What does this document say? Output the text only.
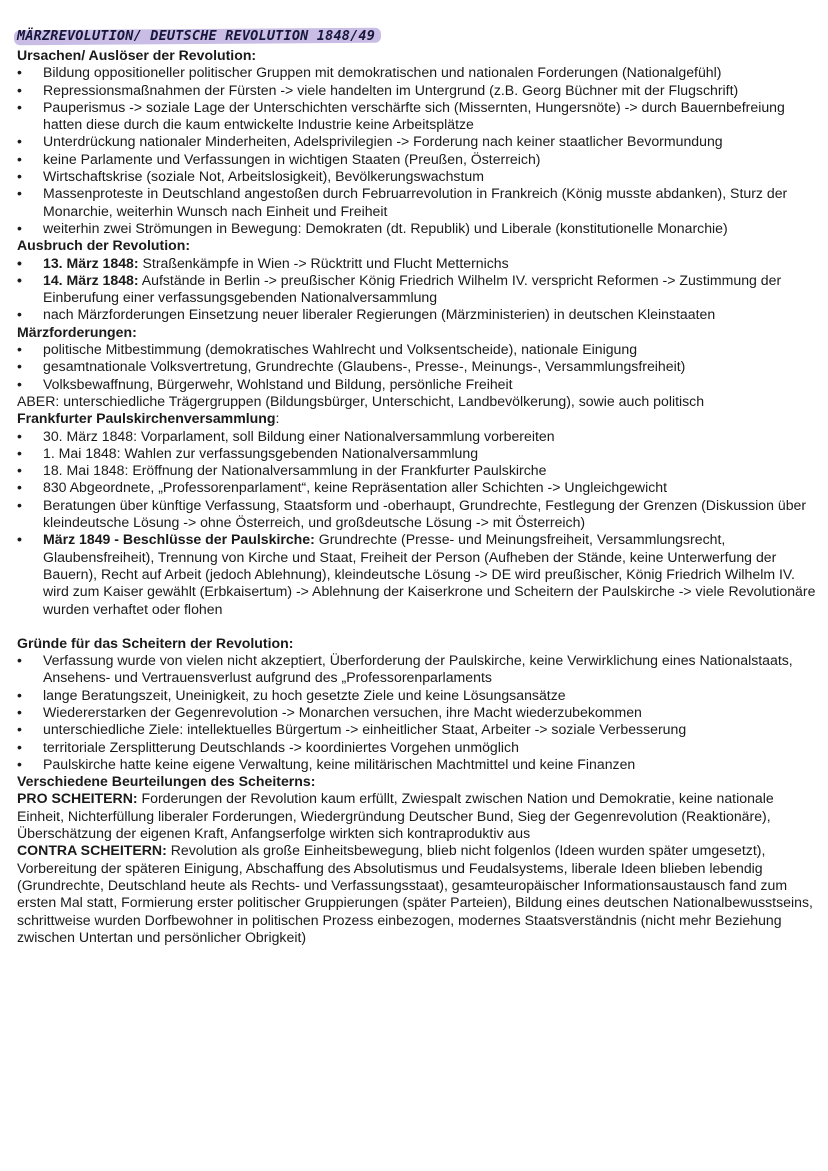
MÄRZREVOLUTION/ DEUTSCHE REVOLUTION 1848/49
Ursachen/ Auslöser der Revolution:
• Bildung oppositioneller politischer Gruppen mit demokratischen und nationalen Forderungen (Nationalgefühl)
• Repressionsmaßnahmen der Fürsten -> viele handelten im Untergrund (z.B. Georg Büchner mit der Flugschrift)
• Pauperismus -> soziale Lage der Unterschichten verschärfte sich (Missernten, Hungersnöte) -> durch Bauernbefreiung hatten diese durch die kaum entwickelte Industrie keine Arbeitsplätze
• Unterdrückung nationaler Minderheiten, Adelsprivilegien -> Forderung nach keiner staatlicher Bevormundung
• keine Parlamente und Verfassungen in wichtigen Staaten (Preußen, Österreich)
• Wirtschaftskrise (soziale Not, Arbeitslosigkeit), Bevölkerungswachstum
• Massenproteste in Deutschland angestoßen durch Februarrevolution in Frankreich (König musste abdanken), Sturz der Monarchie, weiterhin Wunsch nach Einheit und Freiheit
• weiterhin zwei Strömungen in Bewegung: Demokraten (dt. Republik) und Liberale (konstitutionelle Monarchie)
Ausbruch der Revolution:
• 13. März 1848: Straßenkämpfe in Wien -> Rücktritt und Flucht Metternichs
• 14. März 1848: Aufstände in Berlin -> preußischer König Friedrich Wilhelm IV. verspricht Reformen -> Zustimmung der Einberufung einer verfassungsgebenden Nationalversammlung
• nach Märzforderungen Einsetzung neuer liberaler Regierungen (Märzministerien) in deutschen Kleinstaaten
Märzforderungen:
• politische Mitbestimmung (demokratisches Wahlrecht und Volksentscheide), nationale Einigung
• gesamtnationale Volksvertretung, Grundrechte (Glaubens-, Presse-, Meinungs-, Versammlungsfreiheit)
• Volksbewaffnung, Bürgerwehr, Wohlstand und Bildung, persönliche Freiheit

ABER: unterschiedliche Trägergruppen (Bildungsbürger, Unterschicht, Landbevölkerung), sowie auch politisch

Frankfurter Paulskirchenversammlung:

• 30. März 1848: Vorparlament, soll Bildung einer Nationalversammlung vorbereiten
• 1. Mai 1848: Wahlen zur verfassungsgebenden Nationalversammlung
• 18. Mai 1848: Eröffnung der Nationalversammlung in der Frankfurter Paulskirche
• 830 Abgeordnete, „Professorenparlament“, keine Repräsentation aller Schichten -> Ungleichgewicht
• Beratungen über künftige Verfassung, Staatsform und -oberhaupt, Grundrechte, Festlegung der Grenzen (Diskussion über kleindeutsche Lösung -> ohne Österreich, und großdeutsche Lösung -> mit Österreich)
• März 1849 - Beschlüsse der Paulskirche: Grundrechte (Presse- und Meinungsfreiheit, Versammlungsrecht, Glaubensfreiheit), Trennung von Kirche und Staat, Freiheit der Person (Aufheben der Stände, keine Unterwerfung der Bauern), Recht auf Arbeit (jedoch Ablehnung), kleindeutsche Lösung -> DE wird preußischer, König Friedrich Wilhelm IV. wird zum Kaiser gewählt (Erbkaisertum) -> Ablehnung der Kaiserkrone und Scheitern der Paulskirche -> viele Revolutionäre wurden verhaftet oder flohen
Gründe für das Scheitern der Revolution:
• Verfassung wurde von vielen nicht akzeptiert, Überforderung der Paulskirche, keine Verwirklichung eines Nationalstaats, Ansehens- und Vertrauensverlust aufgrund des „Professorenparlaments
• lange Beratungszeit, Uneinigkeit, zu hoch gesetzte Ziele und keine Lösungsansätze
• Wiedererstarken der Gegenrevolution -> Monarchen versuchen, ihre Macht wiederzubekommen
• unterschiedliche Ziele: intellektuelles Bürgertum -> einheitlicher Staat, Arbeiter -> soziale Verbesserung
• territoriale Zersplitterung Deutschlands -> koordiniertes Vorgehen unmöglich
• Paulskirche hatte keine eigene Verwaltung, keine militärischen Machtmittel und keine Finanzen
Verschiedene Beurteilungen des Scheiterns:

PRO SCHEITERN: Forderungen der Revolution kaum erfüllt, Zwiespalt zwischen Nation und Demokratie, keine nationale Einheit, Nichterfüllung liberaler Forderungen, Wiedergründung Deutscher Bund, Sieg der Gegenrevolution (Reaktionäre), Überschätzung der eigenen Kraft, Anfangserfolge wirkten sich kontraproduktiv aus

CONTRA SCHEITERN: Revolution als große Einheitsbewegung, blieb nicht folgenlos (Ideen wurden später umgesetzt), Vorbereitung der späteren Einigung, Abschaffung des Absolutismus und Feudalsystems, liberale Ideen blieben lebendig (Grundrechte, Deutschland heute als Rechts- und Verfassungsstaat), gesamteuropäischer Informationsaustausch fand zum ersten Mal statt, Formierung erster politischer Gruppierungen (später Parteien), Bildung eines deutschen Nationalbewusstseins, schrittweise wurden Dorfbewohner in politischen Prozess einbezogen, modernes Staatsverständnis (nicht mehr Beziehung zwischen Untertan und persönlicher Obrigkeit)
